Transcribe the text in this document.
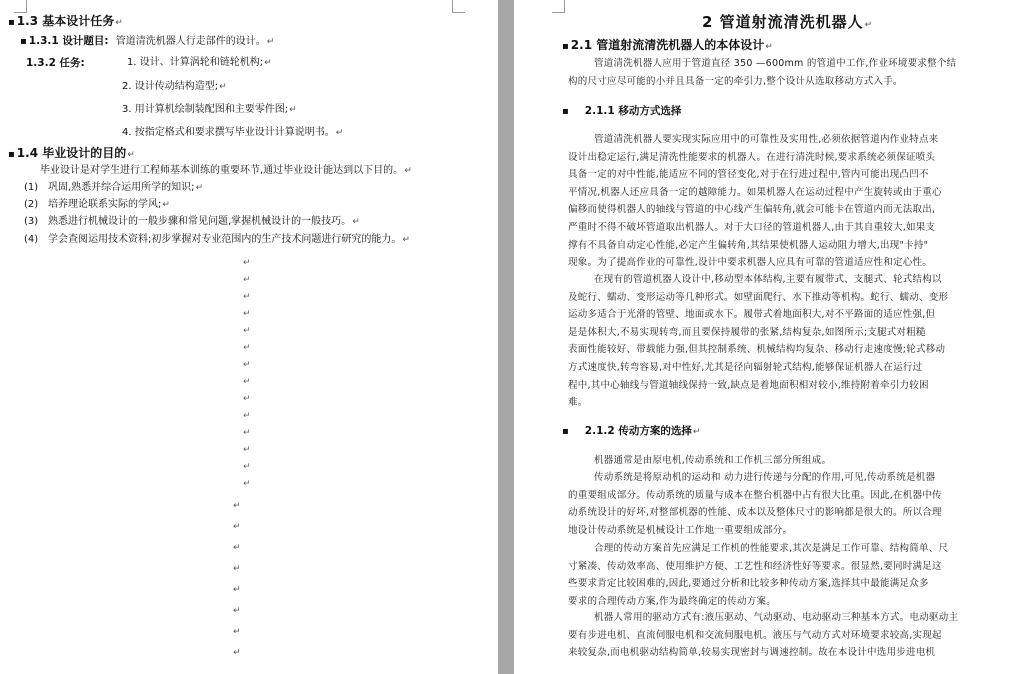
▪ 1.3 基本设计任务↵
▪ 1.3.1 设计题目: 管道清洗机器人行走部件的设计。↵
1.3.2 任务:	1. 设计、计算涡轮和链轮机构;↵
2. 设计传动结构造型;↵
3. 用计算机绘制装配图和主要零件图;↵
4. 按指定格式和要求撰写毕业设计计算说明书。↵
▪ 1.4 毕业设计的目的↵
毕业设计是对学生进行工程师基本训练的重要环节,通过毕业设计能达到以下目的。↵
(1) 巩固,熟悉并综合运用所学的知识;↵
(2) 培养理论联系实际的学风;↵
(3) 熟悉进行机械设计的一般步骤和常见问题,掌握机械设计的一般技巧。↵
(4) 学会查阅运用技术资料;初步掌握对专业范围内的生产技术问题进行研究的能力。↵
↵
↵
↵
↵
↵
↵
↵
↵
↵
↵
↵
↵
↵
↵
↵
↵
↵
↵
↵
↵
↵
↵
2 管道射流清洗机器人↵
▪ 2.1 管道射流清洗机器人的本体设计↵

管道清洗机器人应用于管道直径 350 —600mm 的管道中工作,作业环境要求整个结

构的尺寸应尽可能的小并且具备一定的牵引力,整个设计从选取移动方式入手。

▪ 2.1.1 移动方式选择

管道清洗机器人要实现实际应用中的可靠性及实用性,必须依据管道内作业特点来

设计出稳定运行,满足清洗性能要求的机器人。在进行清洗时候,要求系统必须保证喷头

具备一定的对中性能,能适应不同的管径变化,对于在行进过程中,管内可能出现凸凹不

平情况,机器人还应具备一定的越障能力。如果机器人在运动过程中产生旋转或由于重心

偏移而使得机器人的轴线与管道的中心线产生偏转角,就会可能卡在管道内而无法取出,

严重时不得不破坏管道取出机器人。对于大口径的管道机器人,由于其自重较大,如果支

撑有不具备自动定心性能,必定产生偏转角,其结果使机器人运动阻力增大,出现"卡持"

现象。为了提高作业的可靠性,设计中要求机器人应具有可靠的管道适应性和定心性。

在现有的管道机器人设计中,移动型本体结构,主要有履带式、支腿式、轮式结构以

及蛇行、蠕动、变形运动等几种形式。如壁面爬行、水下推动等机构。蛇行、蠕动、变形

运动多适合于光滑的管壁、地面或水下。履带式着地面积大,对不平路面的适应性强,但

是是体积大,不易实现转弯,而且要保持履带的张紧,结构复杂,如图所示;支腿式对粗糙

表面性能较好、带载能力强,但其控制系统、机械结构均复杂、移动行走速度慢;轮式移动

方式速度快,转弯容易,对中性好,尤其是径向辐射轮式结构,能够保证机器人在运行过

程中,其中心轴线与管道轴线保持一致,缺点是着地面积相对较小,维持附着牵引力较困

难。

▪ 2.1.2 传动方案的选择↵

机器通常是由原电机,传动系统和工作机三部分所组成。

传动系统是将原动机的运动和 动力进行传递与分配的作用,可见,传动系统是机器

的重要组成部分。传动系统的质量与成本在整台机器中占有很大比重。因此,在机器中传

动系统设计的好坏,对整部机器的性能、成本以及整体尺寸的影响都是很大的。所以合理

地设计传动系统是机械设计工作地一重要组成部分。

合理的传动方案首先应满足工作机的性能要求,其次是满足工作可靠、结构简单、尺

寸紧凑、传动效率高、使用维护方便、工艺性和经济性好等要求。很显然,要同时满足这

些要求肯定比较困难的,因此,要通过分析和比较多种传动方案,选择其中最能满足众多

要求的合理传动方案,作为最终确定的传动方案。

机器人常用的驱动方式有:液压驱动、气动驱动、电动驱动三种基本方式。电动驱动主

要有步进电机、直流伺服电机和交流伺服电机。液压与气动方式对环境要求较高,实现起

来较复杂,而电机驱动结构简单,较易实现密封与调速控制。故在本设计中选用步进电机
